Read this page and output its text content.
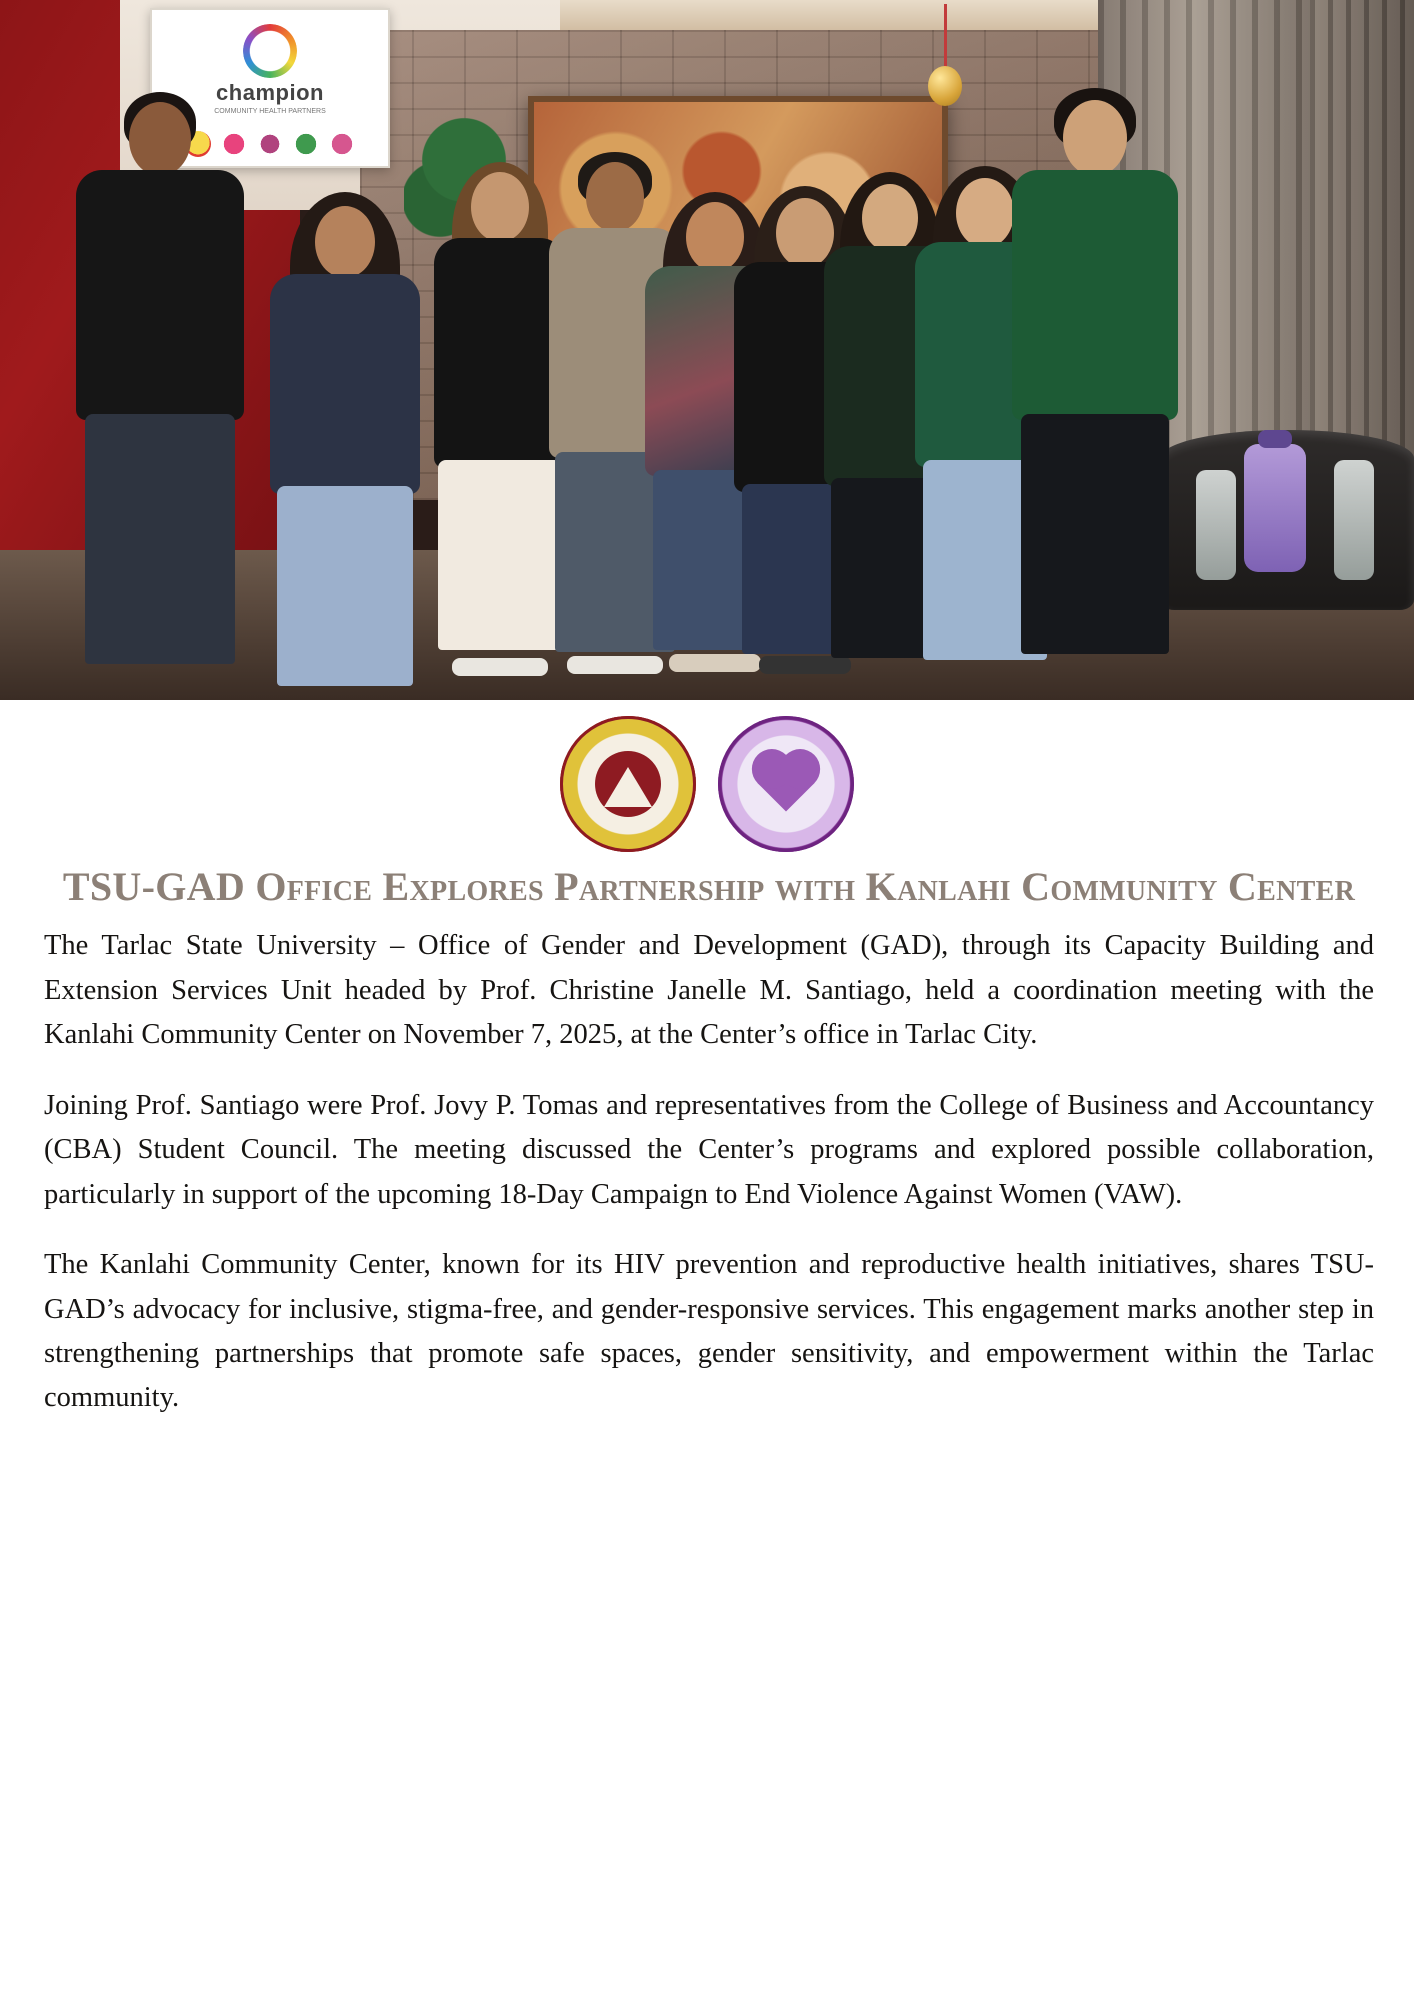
champion
COMMUNITY HEALTH PARTNERS
TSU-GAD Office Explores Partnership with Kanlahi Community Center

The Tarlac State University – Office of Gender and Development (GAD), through its Capacity Building and Extension Services Unit headed by Prof. Christine Janelle M. Santiago, held a coordination meeting with the Kanlahi Community Center on November 7, 2025, at the Center’s office in Tarlac City.

Joining Prof. Santiago were Prof. Jovy P. Tomas and representatives from the College of Business and Accountancy (CBA) Student Council. The meeting discussed the Center’s programs and explored possible collaboration, particularly in support of the upcoming 18-Day Campaign to End Violence Against Women (VAW).

The Kanlahi Community Center, known for its HIV prevention and reproductive health initiatives, shares TSU-GAD’s advocacy for inclusive, stigma-free, and gender-responsive services. This engagement marks another step in strengthening partnerships that promote safe spaces, gender sensitivity, and empowerment within the Tarlac community.
